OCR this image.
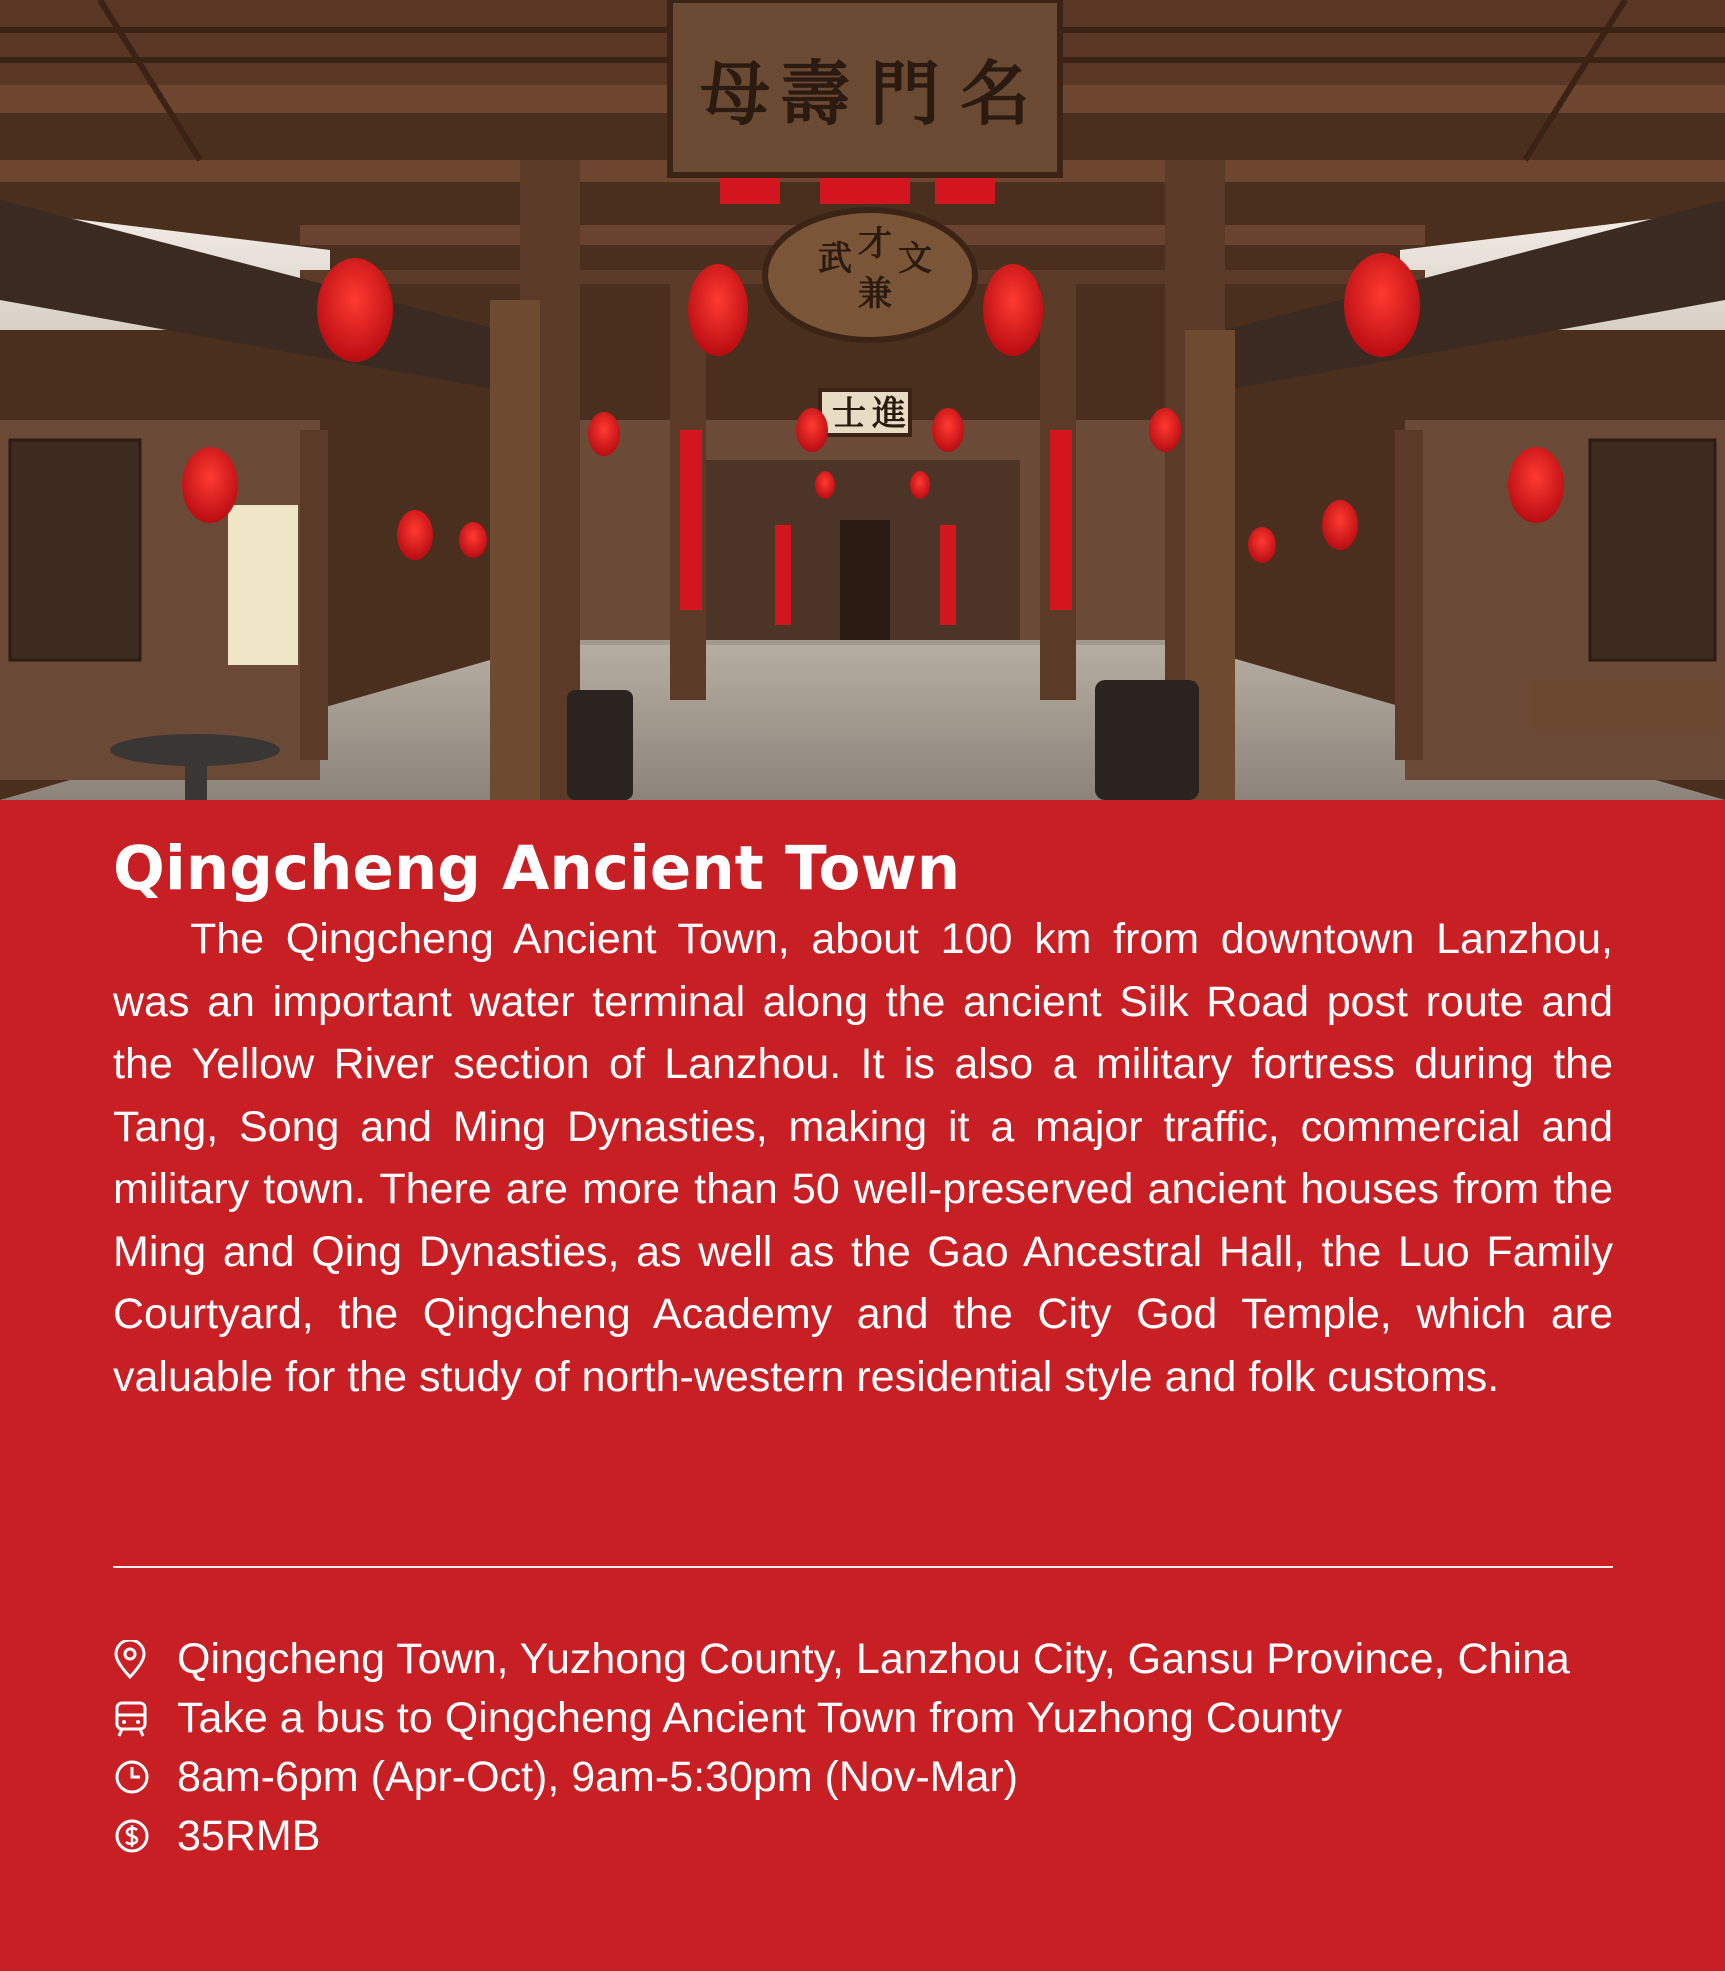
母 壽 門 名
武 才 文
兼
士 進
Qingcheng Ancient Town

The Qingcheng Ancient Town, about 100 km from downtown Lanzhou, was an important water terminal along the ancient Silk Road post route and the Yellow River section of Lanzhou. It is also a military fortress during the Tang, Song and Ming Dynasties, making it a major traffic, commercial and military town. There are more than 50 well-preserved ancient houses from the Ming and Qing Dynasties, as well as the Gao Ancestral Hall, the Luo Family Courtyard, the Qingcheng Academy and the City God Temple, which are valuable for the study of north-western residential style and folk customs.

Qingcheng Town, Yuzhong County, Lanzhou City, Gansu Province, China
Take a bus to Qingcheng Ancient Town from Yuzhong County
8am-6pm (Apr-Oct), 9am-5:30pm (Nov-Mar)
35RMB
